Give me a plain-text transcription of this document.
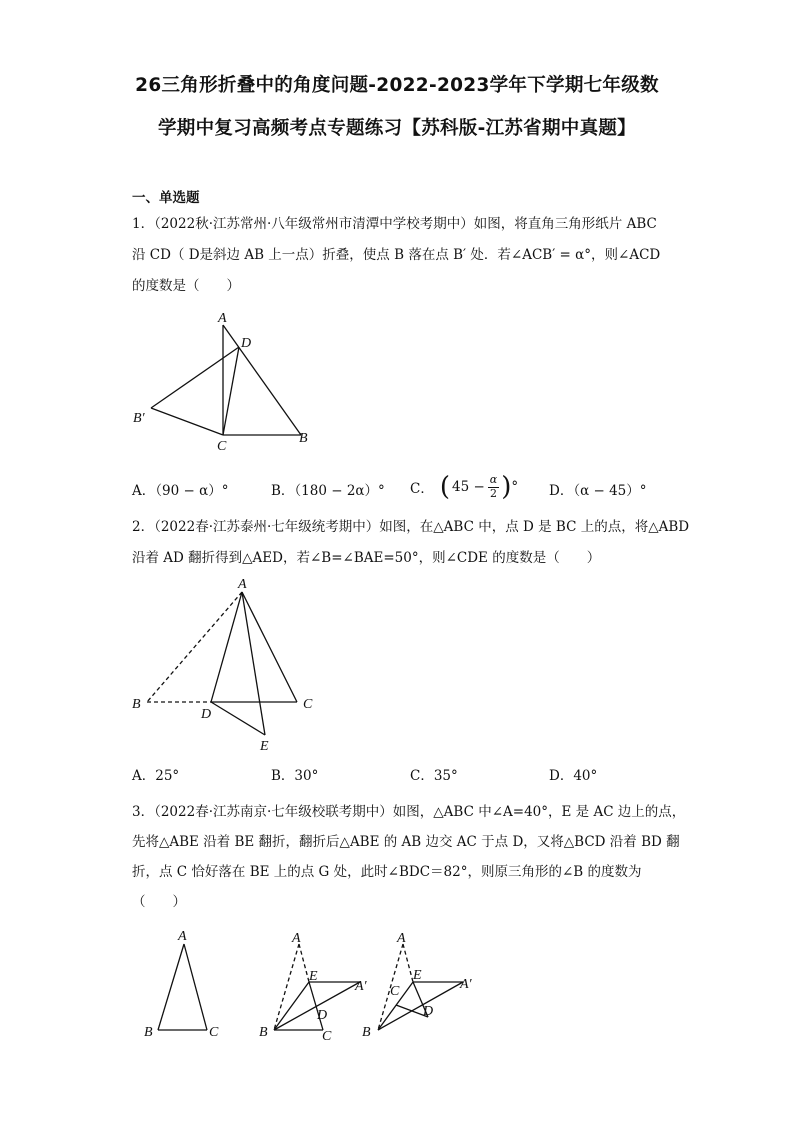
26三角形折叠中的角度问题-2022-2023学年下学期七年级数
学期中复习高频考点专题练习【苏科版-江苏省期中真题】
一、单选题
1．（2022秋·江苏常州·八年级常州市清潭中学校考期中）如图，将直角三角形纸片 ABC
沿 CD（ D是斜边 AB 上一点）折叠，使点 B 落在点 B′ 处．若∠ACB′ = α°，则∠ACD
的度数是（　　）
A
D
B′
C
B
A．（90 − α）°	B．（180 − 2α）° C． ( $45 - \frac{\alpha}{2}$ ) ° D．（α − 45）°
2．（2022春·江苏泰州·七年级统考期中）如图，在△ABC 中，点 D 是 BC 上的点，将△ABD
沿着 AD 翻折得到△AED，若∠B=∠BAE=50°，则∠CDE 的度数是（　　）
A
B	C
D
E
A．25°	B．30°	C．35°	D．40°
3．（2022春·江苏南京·七年级校联考期中）如图，△ABC 中∠A=40°，E 是 AC 边上的点，
先将△ABE 沿着 BE 翻折，翻折后△ABE 的 AB 边交 AC 于点 D，又将△BCD 沿着 BD 翻
折，点 C 恰好落在 BE 上的点 G 处，此时∠BDC＝82°，则原三角形的∠B 的度数为
（　　）
A
B	C
A
E
A′
D
B	C
A
E
C	A′
D
B
